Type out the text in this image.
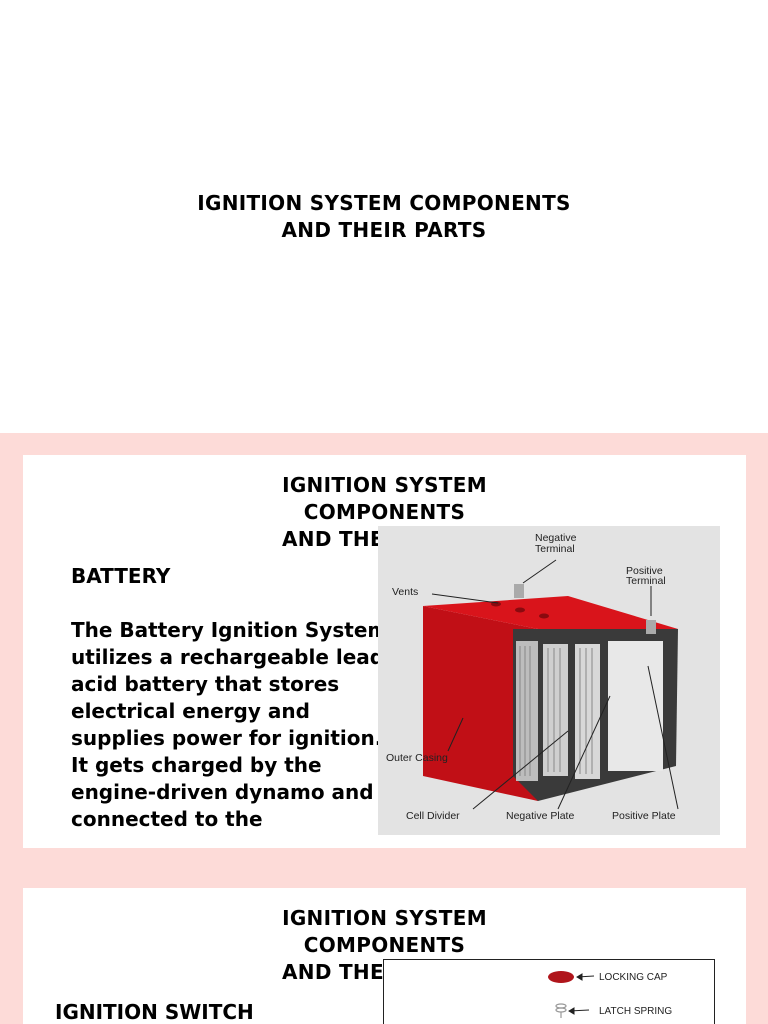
IGNITION SYSTEM COMPONENTS
AND THEIR PARTS
IGNITION SYSTEM
COMPONENTS
AND THEIR PARTS
BATTERY
The Battery Ignition System utilizes a rechargeable lead-acid battery that stores electrical energy and supplies power for ignition. It gets charged by the engine-driven dynamo and is connected to the
Negative
Terminal
Positive
Terminal
Vents
Outer Casing
Cell Divider	Negative Plate	Positive Plate
IGNITION SYSTEM
COMPONENTS
AND THEIR PARTS
IGNITION SWITCH
LOCKING CAP
LATCH SPRING
